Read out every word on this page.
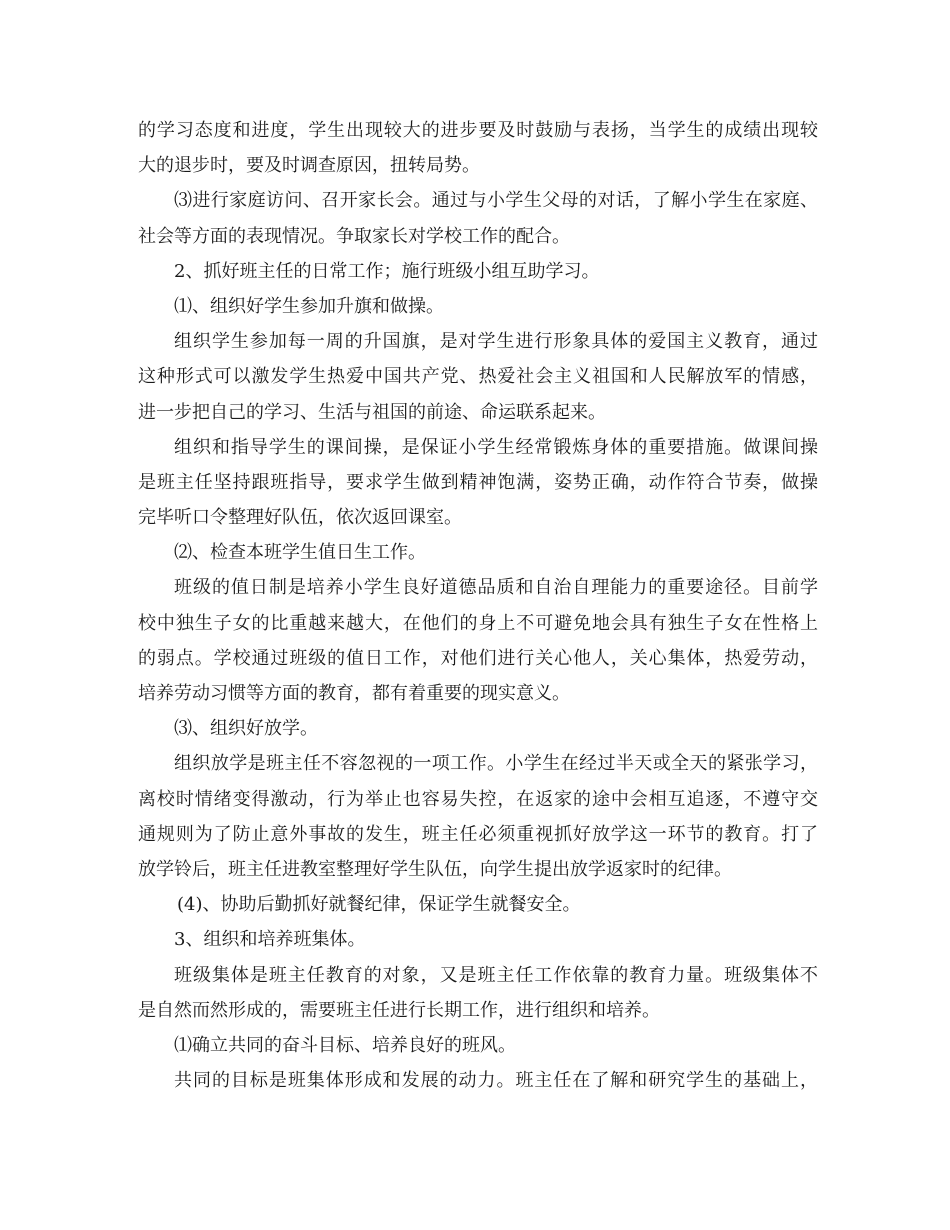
的学习态度和进度，学生出现较大的进步要及时鼓励与表扬，当学生的成绩出现较
大的退步时，要及时调查原因，扭转局势。
⑶进行家庭访问、召开家长会。通过与小学生父母的对话，了解小学生在家庭、
社会等方面的表现情况。争取家长对学校工作的配合。
2、抓好班主任的日常工作；施行班级小组互助学习。
⑴、组织好学生参加升旗和做操。
组织学生参加每一周的升国旗，是对学生进行形象具体的爱国主义教育，通过
这种形式可以激发学生热爱中国共产党、热爱社会主义祖国和人民解放军的情感，
进一步把自己的学习、生活与祖国的前途、命运联系起来。
组织和指导学生的课间操，是保证小学生经常锻炼身体的重要措施。做课间操
是班主任坚持跟班指导，要求学生做到精神饱满，姿势正确，动作符合节奏，做操
完毕听口令整理好队伍，依次返回课室。
⑵、检查本班学生值日生工作。
班级的值日制是培养小学生良好道德品质和自治自理能力的重要途径。目前学
校中独生子女的比重越来越大，在他们的身上不可避免地会具有独生子女在性格上
的弱点。学校通过班级的值日工作，对他们进行关心他人，关心集体，热爱劳动，
培养劳动习惯等方面的教育，都有着重要的现实意义。
⑶、组织好放学。
组织放学是班主任不容忽视的一项工作。小学生在经过半天或全天的紧张学习，
离校时情绪变得激动，行为举止也容易失控，在返家的途中会相互追逐，不遵守交
通规则为了防止意外事故的发生，班主任必须重视抓好放学这一环节的教育。打了
放学铃后，班主任进教室整理好学生队伍，向学生提出放学返家时的纪律。
(4)、协助后勤抓好就餐纪律，保证学生就餐安全。
3、组织和培养班集体。
班级集体是班主任教育的对象，又是班主任工作依靠的教育力量。班级集体不
是自然而然形成的，需要班主任进行长期工作，进行组织和培养。
⑴确立共同的奋斗目标、培养良好的班风。
共同的目标是班集体形成和发展的动力。班主任在了解和研究学生的基础上，
